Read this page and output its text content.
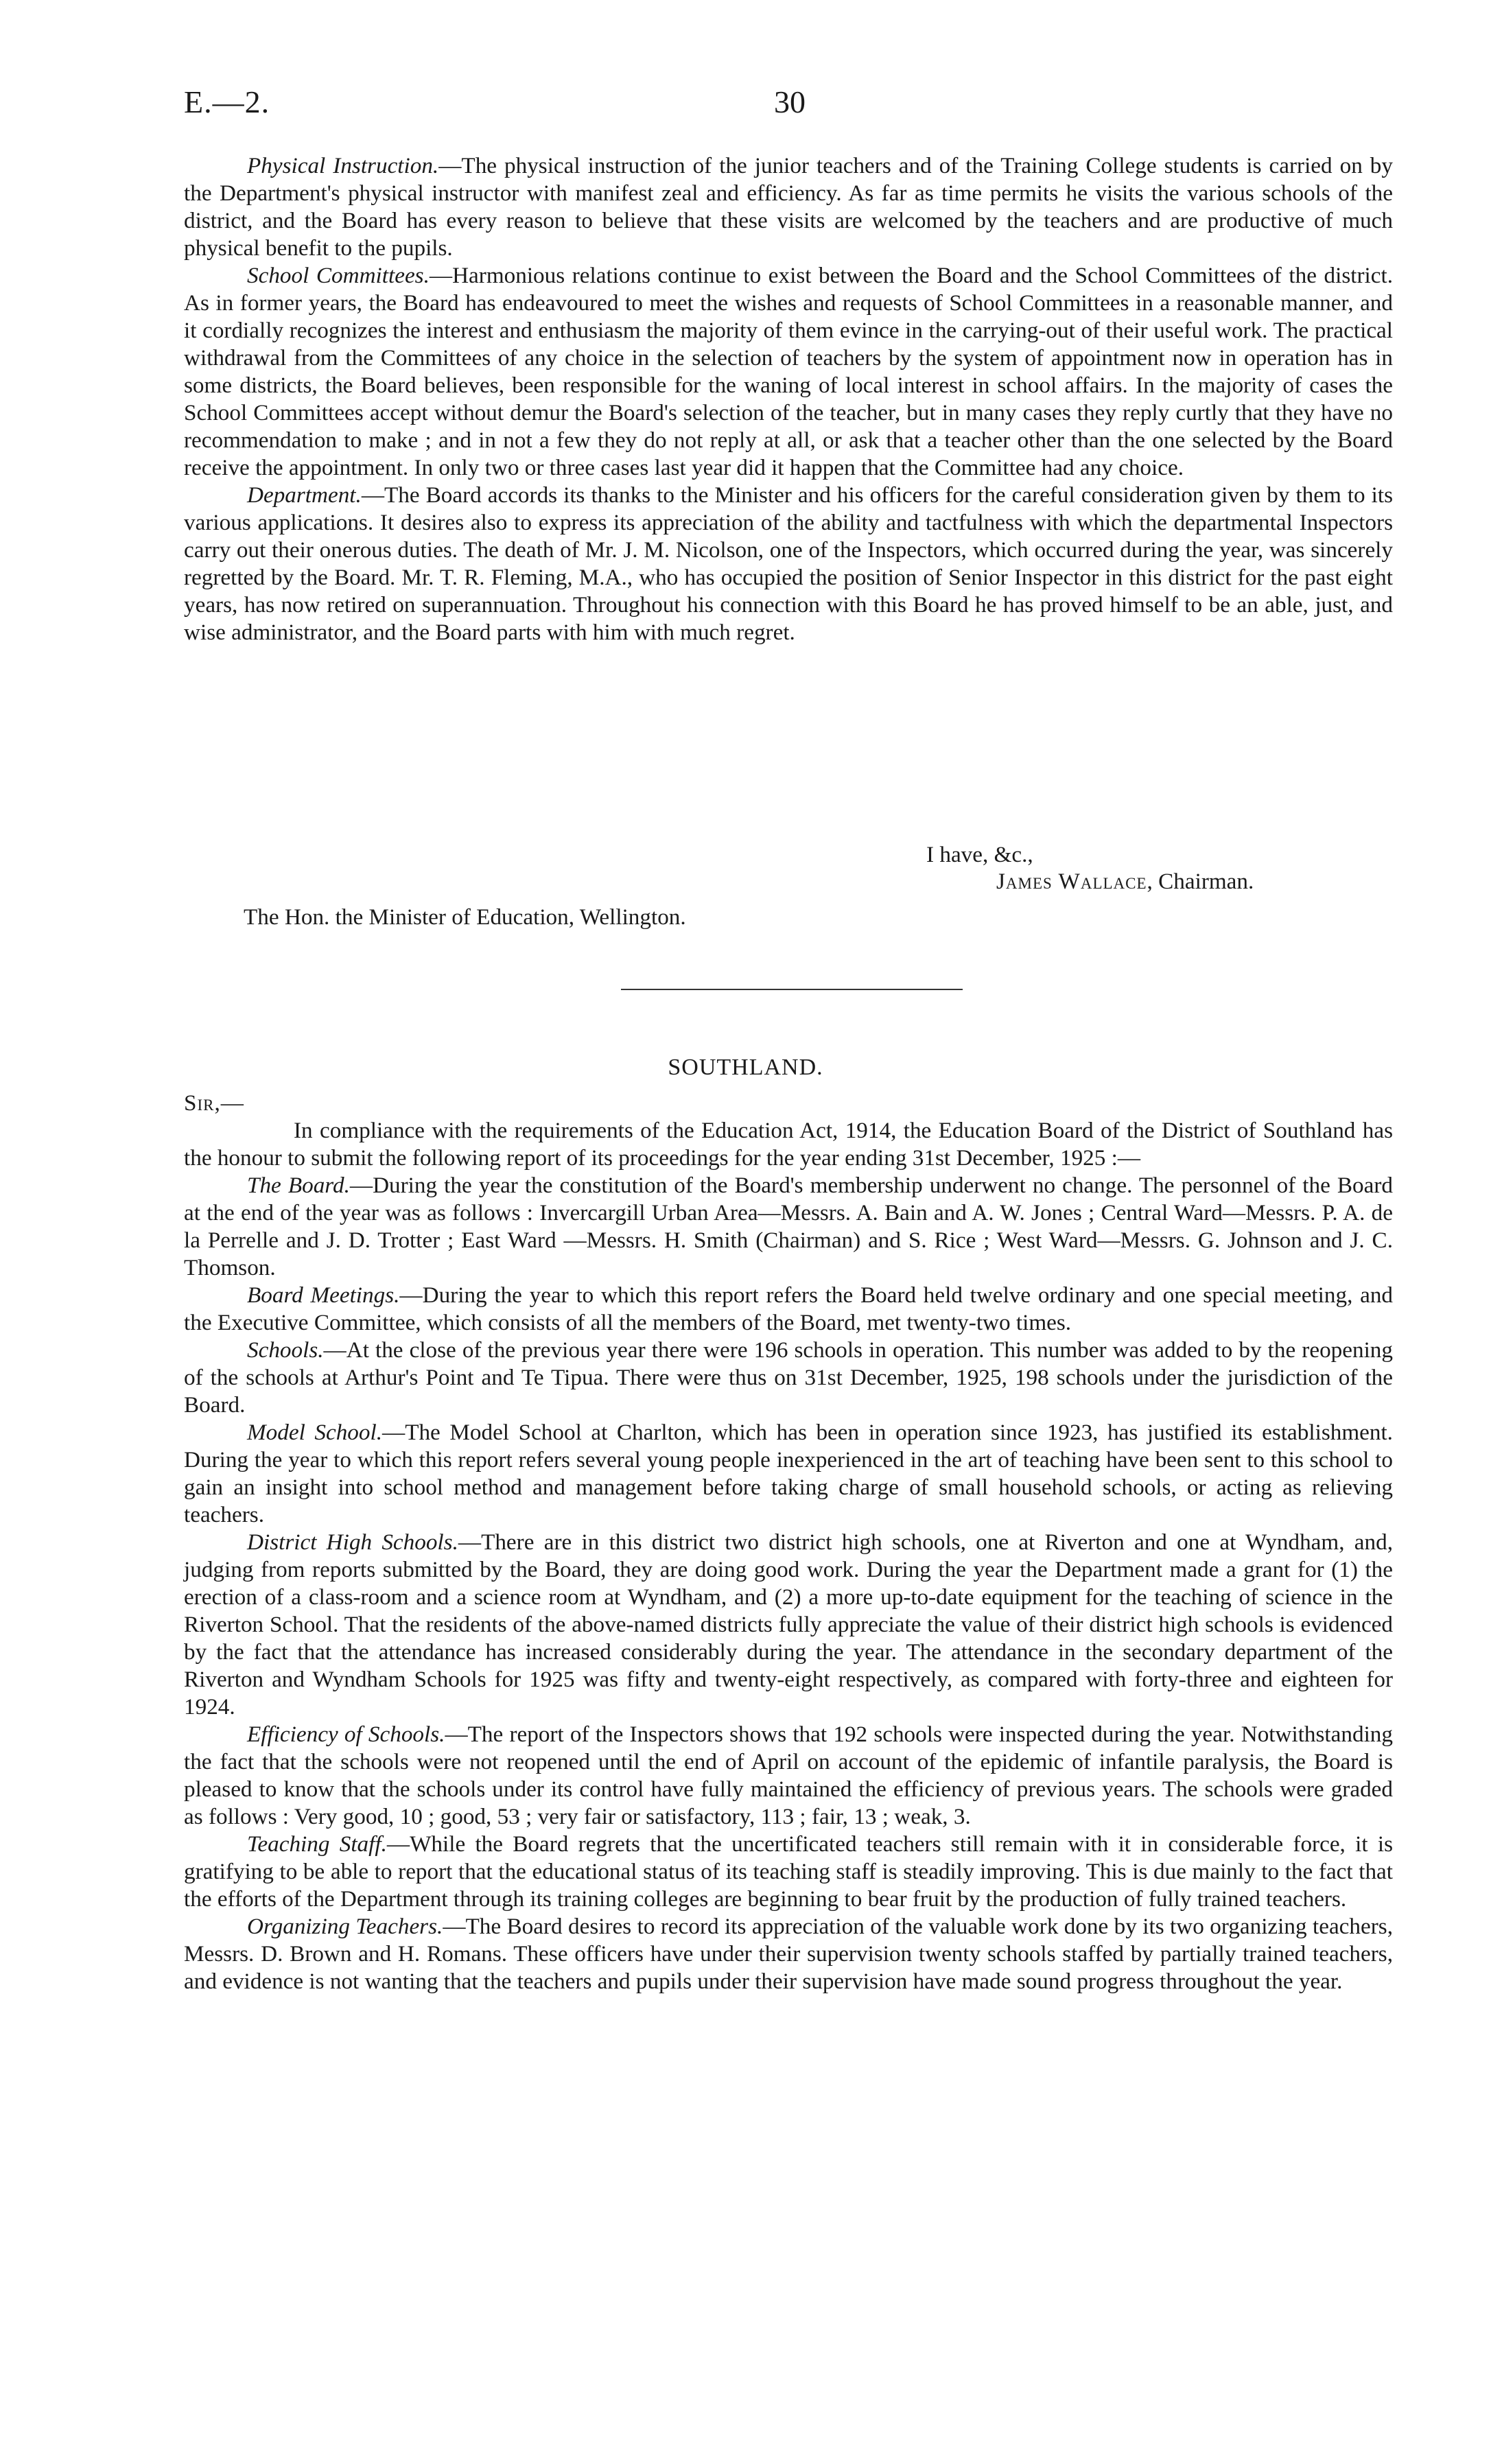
E.—2.	30

Physical Instruction.—The physical instruction of the junior teachers and of the Training College students is carried on by the Department's physical instructor with manifest zeal and efficiency. As far as time permits he visits the various schools of the district, and the Board has every reason to believe that these visits are welcomed by the teachers and are productive of much physical benefit to the pupils.

School Committees.—Harmonious relations continue to exist between the Board and the School Committees of the district. As in former years, the Board has endeavoured to meet the wishes and requests of School Committees in a reasonable manner, and it cordially recognizes the interest and enthusiasm the majority of them evince in the carrying-out of their useful work. The practical withdrawal from the Committees of any choice in the selection of teachers by the system of appointment now in operation has in some districts, the Board believes, been responsible for the waning of local interest in school affairs. In the majority of cases the School Committees accept without demur the Board's selection of the teacher, but in many cases they reply curtly that they have no recommendation to make ; and in not a few they do not reply at all, or ask that a teacher other than the one selected by the Board receive the appointment. In only two or three cases last year did it happen that the Committee had any choice.

Department.—The Board accords its thanks to the Minister and his officers for the careful consideration given by them to its various applications. It desires also to express its appreciation of the ability and tactfulness with which the departmental Inspectors carry out their onerous duties. The death of Mr. J. M. Nicolson, one of the Inspectors, which occurred during the year, was sincerely regretted by the Board. Mr. T. R. Fleming, M.A., who has occupied the position of Senior Inspector in this district for the past eight years, has now retired on superannuation. Throughout his connection with this Board he has proved himself to be an able, just, and wise administrator, and the Board parts with him with much regret.

I have, &c.,
James Wallace, Chairman.
The Hon. the Minister of Education, Wellington.
SOUTHLAND.

Sir,—

In compliance with the requirements of the Education Act, 1914, the Education Board of the District of Southland has the honour to submit the following report of its proceedings for the year ending 31st December, 1925 :—

The Board.—During the year the constitution of the Board's membership underwent no change. The personnel of the Board at the end of the year was as follows : Invercargill Urban Area—Messrs. A. Bain and A. W. Jones ; Central Ward—Messrs. P. A. de la Perrelle and J. D. Trotter ; East Ward —Messrs. H. Smith (Chairman) and S. Rice ; West Ward—Messrs. G. Johnson and J. C. Thomson.

Board Meetings.—During the year to which this report refers the Board held twelve ordinary and one special meeting, and the Executive Committee, which consists of all the members of the Board, met twenty-two times.

Schools.—At the close of the previous year there were 196 schools in operation. This number was added to by the reopening of the schools at Arthur's Point and Te Tipua. There were thus on 31st December, 1925, 198 schools under the jurisdiction of the Board.

Model School.—The Model School at Charlton, which has been in operation since 1923, has justified its establishment. During the year to which this report refers several young people inexperienced in the art of teaching have been sent to this school to gain an insight into school method and management before taking charge of small household schools, or acting as relieving teachers.

District High Schools.—There are in this district two district high schools, one at Riverton and one at Wyndham, and, judging from reports submitted by the Board, they are doing good work. During the year the Department made a grant for (1) the erection of a class-room and a science room at Wyndham, and (2) a more up-to-date equipment for the teaching of science in the Riverton School. That the residents of the above-named districts fully appreciate the value of their district high schools is evidenced by the fact that the attendance has increased considerably during the year. The attendance in the secondary department of the Riverton and Wyndham Schools for 1925 was fifty and twenty-eight respectively, as compared with forty-three and eighteen for 1924.

Efficiency of Schools.—The report of the Inspectors shows that 192 schools were inspected during the year. Notwithstanding the fact that the schools were not reopened until the end of April on account of the epidemic of infantile paralysis, the Board is pleased to know that the schools under its control have fully maintained the efficiency of previous years. The schools were graded as follows : Very good, 10 ; good, 53 ; very fair or satisfactory, 113 ; fair, 13 ; weak, 3.

Teaching Staff.—While the Board regrets that the uncertificated teachers still remain with it in considerable force, it is gratifying to be able to report that the educational status of its teaching staff is steadily improving. This is due mainly to the fact that the efforts of the Department through its training colleges are beginning to bear fruit by the production of fully trained teachers.

Organizing Teachers.—The Board desires to record its appreciation of the valuable work done by its two organizing teachers, Messrs. D. Brown and H. Romans. These officers have under their supervision twenty schools staffed by partially trained teachers, and evidence is not wanting that the teachers and pupils under their supervision have made sound progress throughout the year.
